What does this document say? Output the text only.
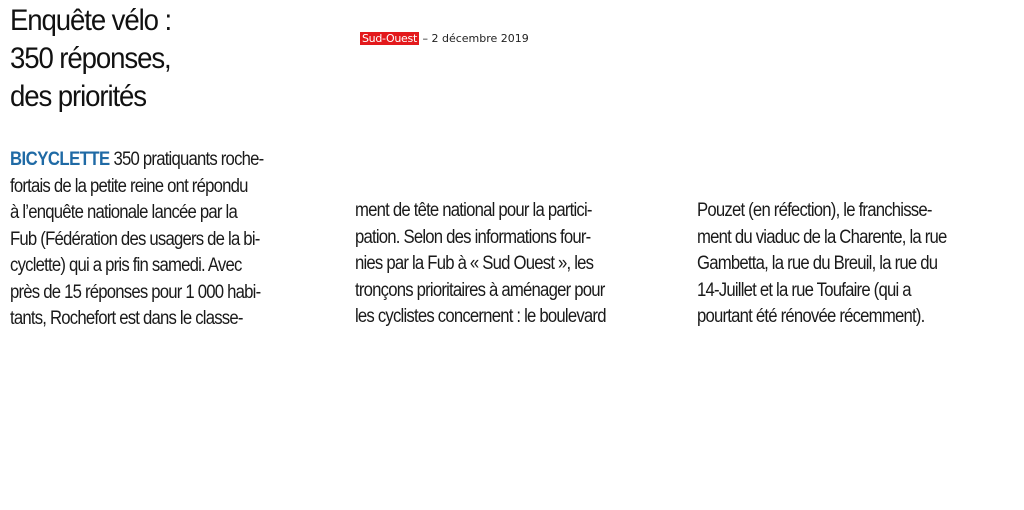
Enquête vélo :
350 réponses,
des priorités
Sud-Ouest – 2 décembre 2019
BICYCLETTE 350 pratiquants roche-
fortais de la petite reine ont répondu
à l’enquête nationale lancée par la
Fub (Fédération des usagers de la bi-
cyclette) qui a pris fin samedi. Avec
près de 15 réponses pour 1 000 habi-
tants, Rochefort est dans le classe-
ment de tête national pour la partici-
pation. Selon des informations four-
nies par la Fub à « Sud Ouest », les
tronçons prioritaires à aménager pour
les cyclistes concernent : le boulevard
Pouzet (en réfection), le franchisse-
ment du viaduc de la Charente, la rue
Gambetta, la rue du Breuil, la rue du
14-Juillet et la rue Toufaire (qui a
pourtant été rénovée récemment).
